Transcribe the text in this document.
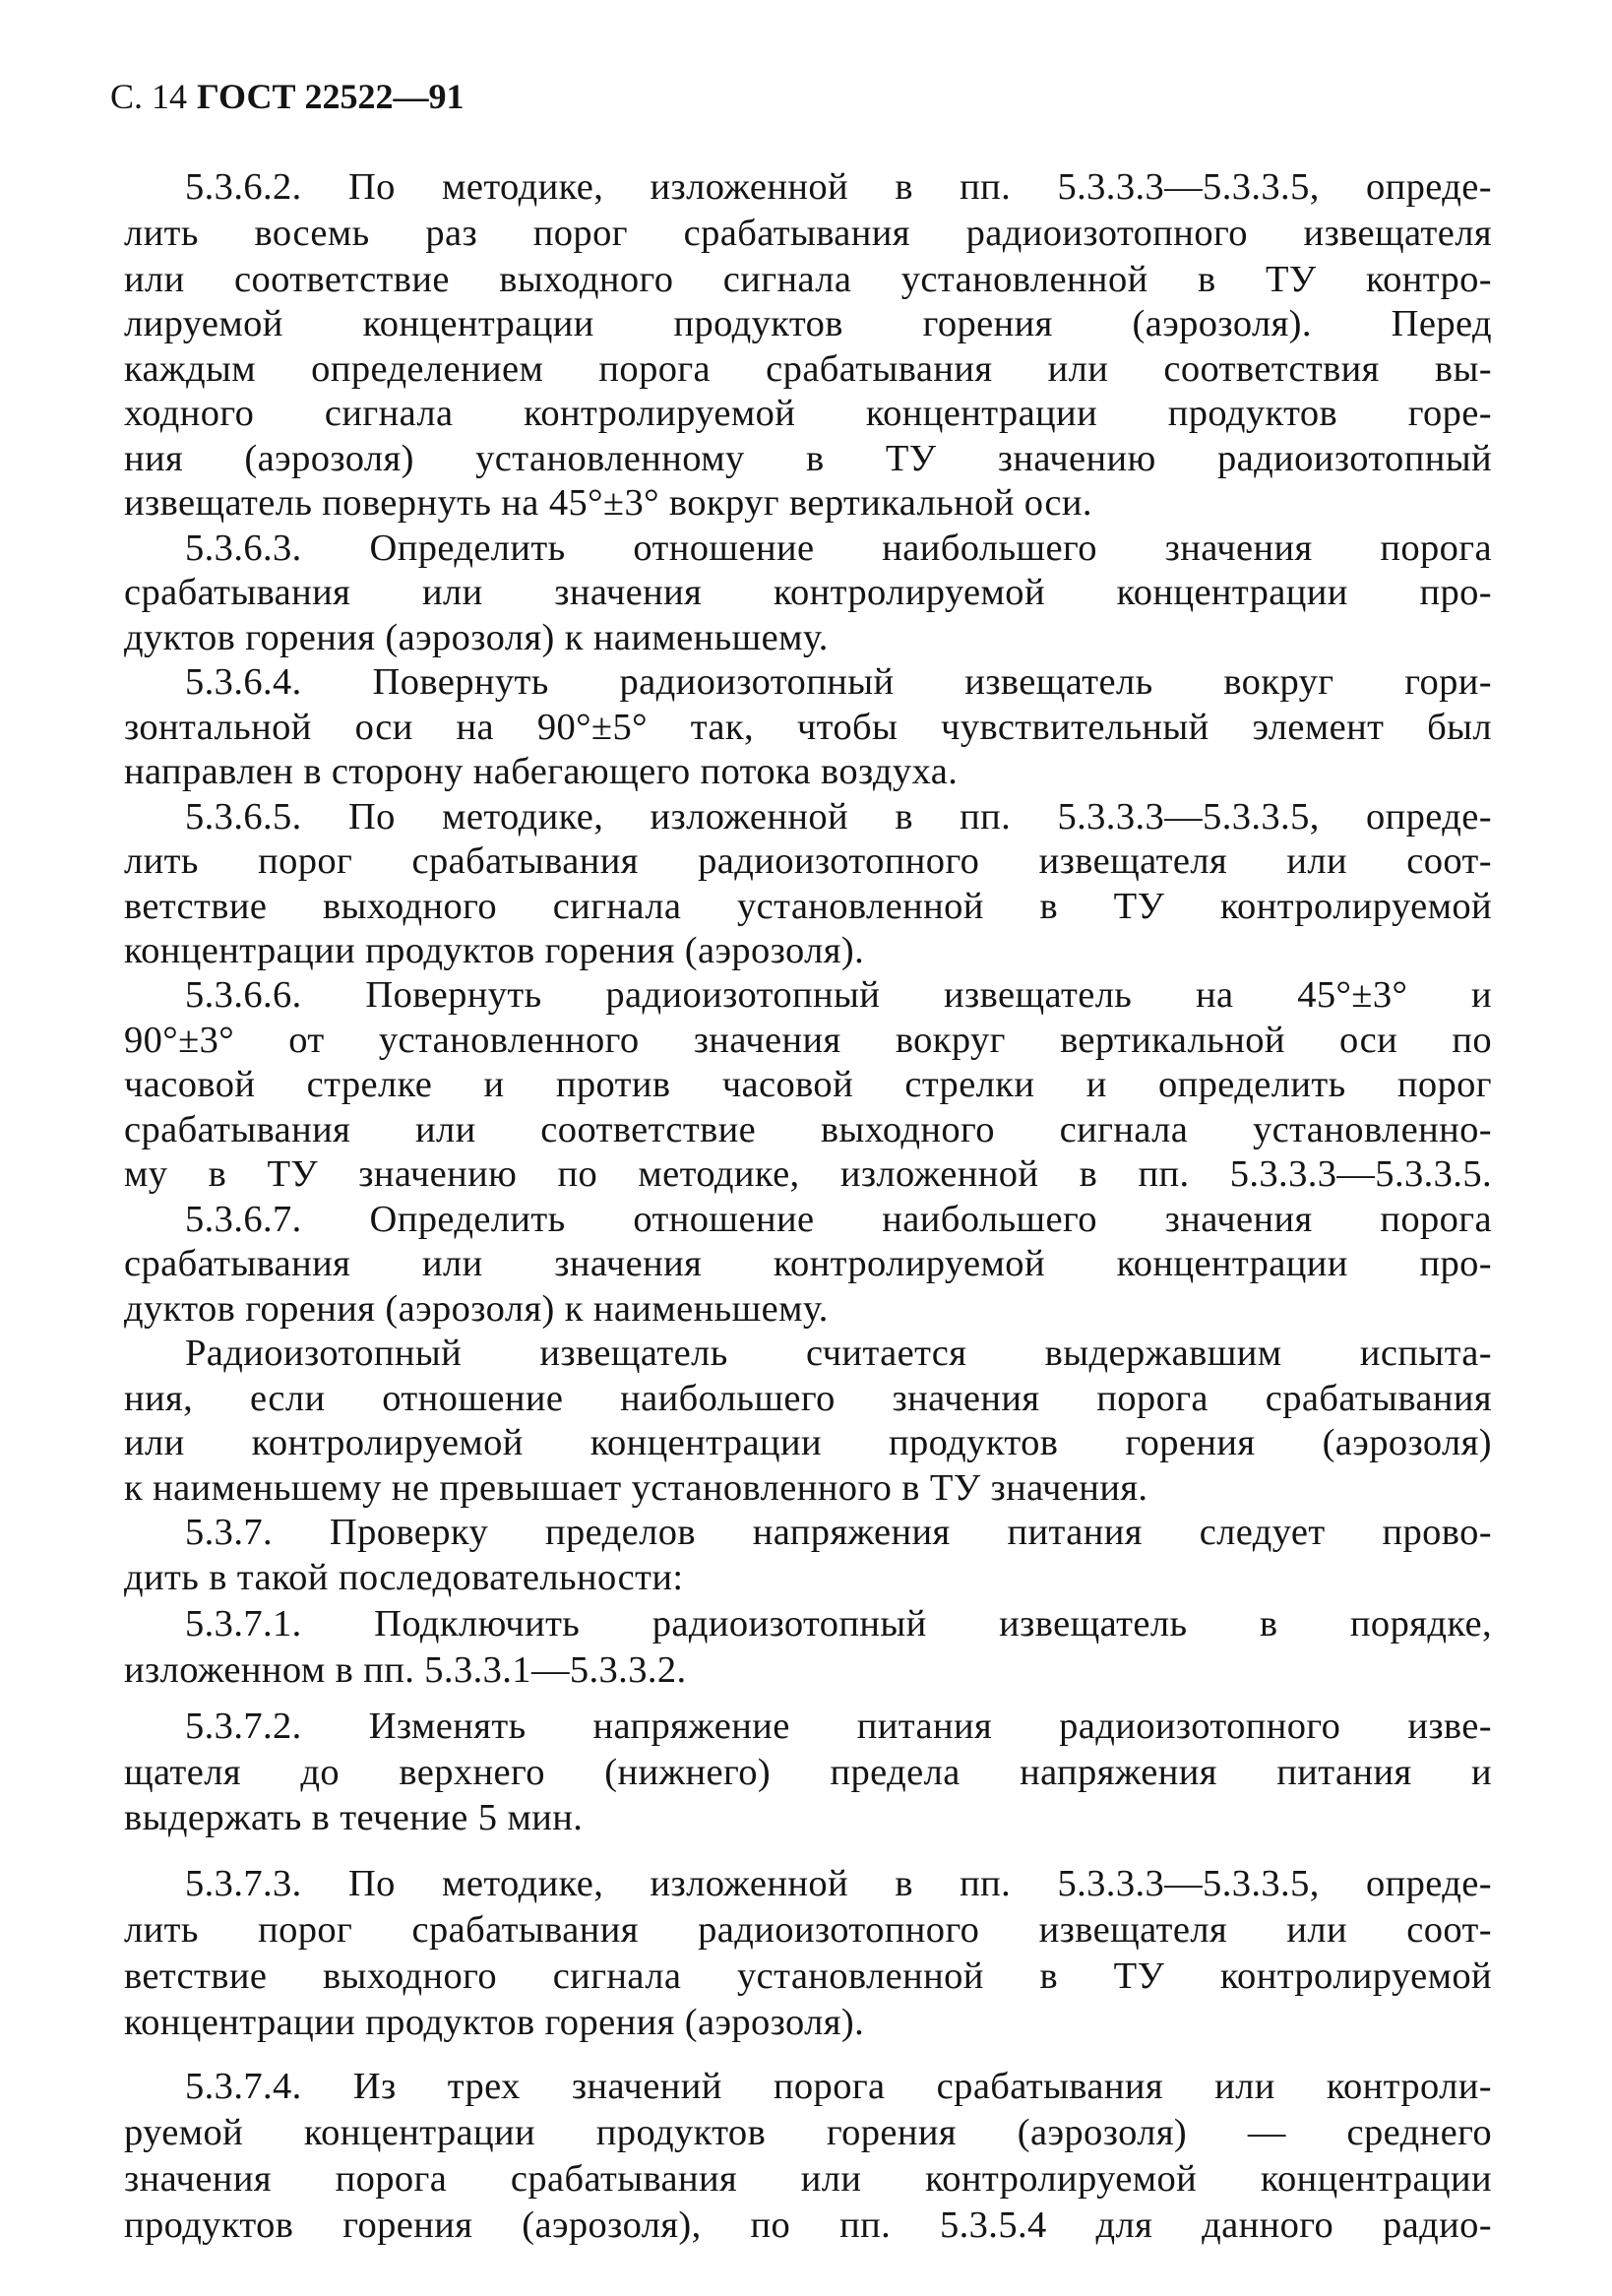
С. 14 ГОСТ 22522—91
5.3.6.2. По методике, изложенной в пп. 5.3.3.3—5.3.3.5, опреде-
лить восемь раз порог срабатывания радиоизотопного извещателя
или соответствие выходного сигнала установленной в ТУ контро-
лируемой концентрации продуктов горения (аэрозоля). Перед
каждым определением порога срабатывания или соответствия вы-
ходного сигнала контролируемой концентрации продуктов горе-
ния (аэрозоля) установленному в ТУ значению радиоизотопный
извещатель повернуть на 45°±3° вокруг вертикальной оси.
5.3.6.3. Определить отношение наибольшего значения порога
срабатывания или значения контролируемой концентрации про-
дуктов горения (аэрозоля) к наименьшему.
5.3.6.4. Повернуть радиоизотопный извещатель вокруг гори-
зонтальной оси на 90°±5° так, чтобы чувствительный элемент был
направлен в сторону набегающего потока воздуха.
5.3.6.5. По методике, изложенной в пп. 5.3.3.3—5.3.3.5, опреде-
лить порог срабатывания радиоизотопного извещателя или соот-
ветствие выходного сигнала установленной в ТУ контролируемой
концентрации продуктов горения (аэрозоля).
5.3.6.6. Повернуть радиоизотопный извещатель на 45°±3° и
90°±3° от установленного значения вокруг вертикальной оси по
часовой стрелке и против часовой стрелки и определить порог
срабатывания или соответствие выходного сигнала установленно-
му в ТУ значению по методике, изложенной в пп. 5.3.3.3—5.3.3.5.
5.3.6.7. Определить отношение наибольшего значения порога
срабатывания или значения контролируемой концентрации про-
дуктов горения (аэрозоля) к наименьшему.
Радиоизотопный извещатель считается выдержавшим испыта-
ния, если отношение наибольшего значения порога срабатывания
или контролируемой концентрации продуктов горения (аэрозоля)
к наименьшему не превышает установленного в ТУ значения.
5.3.7. Проверку пределов напряжения питания следует прово-
дить в такой последовательности:
5.3.7.1. Подключить радиоизотопный извещатель в порядке,
изложенном в пп. 5.3.3.1—5.3.3.2.
5.3.7.2. Изменять напряжение питания радиоизотопного изве-
щателя до верхнего (нижнего) предела напряжения питания и
выдержать в течение 5 мин.
5.3.7.3. По методике, изложенной в пп. 5.3.3.3—5.3.3.5, опреде-
лить порог срабатывания радиоизотопного извещателя или соот-
ветствие выходного сигнала установленной в ТУ контролируемой
концентрации продуктов горения (аэрозоля).
5.3.7.4. Из трех значений порога срабатывания или контроли-
руемой концентрации продуктов горения (аэрозоля) — среднего
значения порога срабатывания или контролируемой концентрации
продуктов горения (аэрозоля), по пп. 5.3.5.4 для данного радио-
